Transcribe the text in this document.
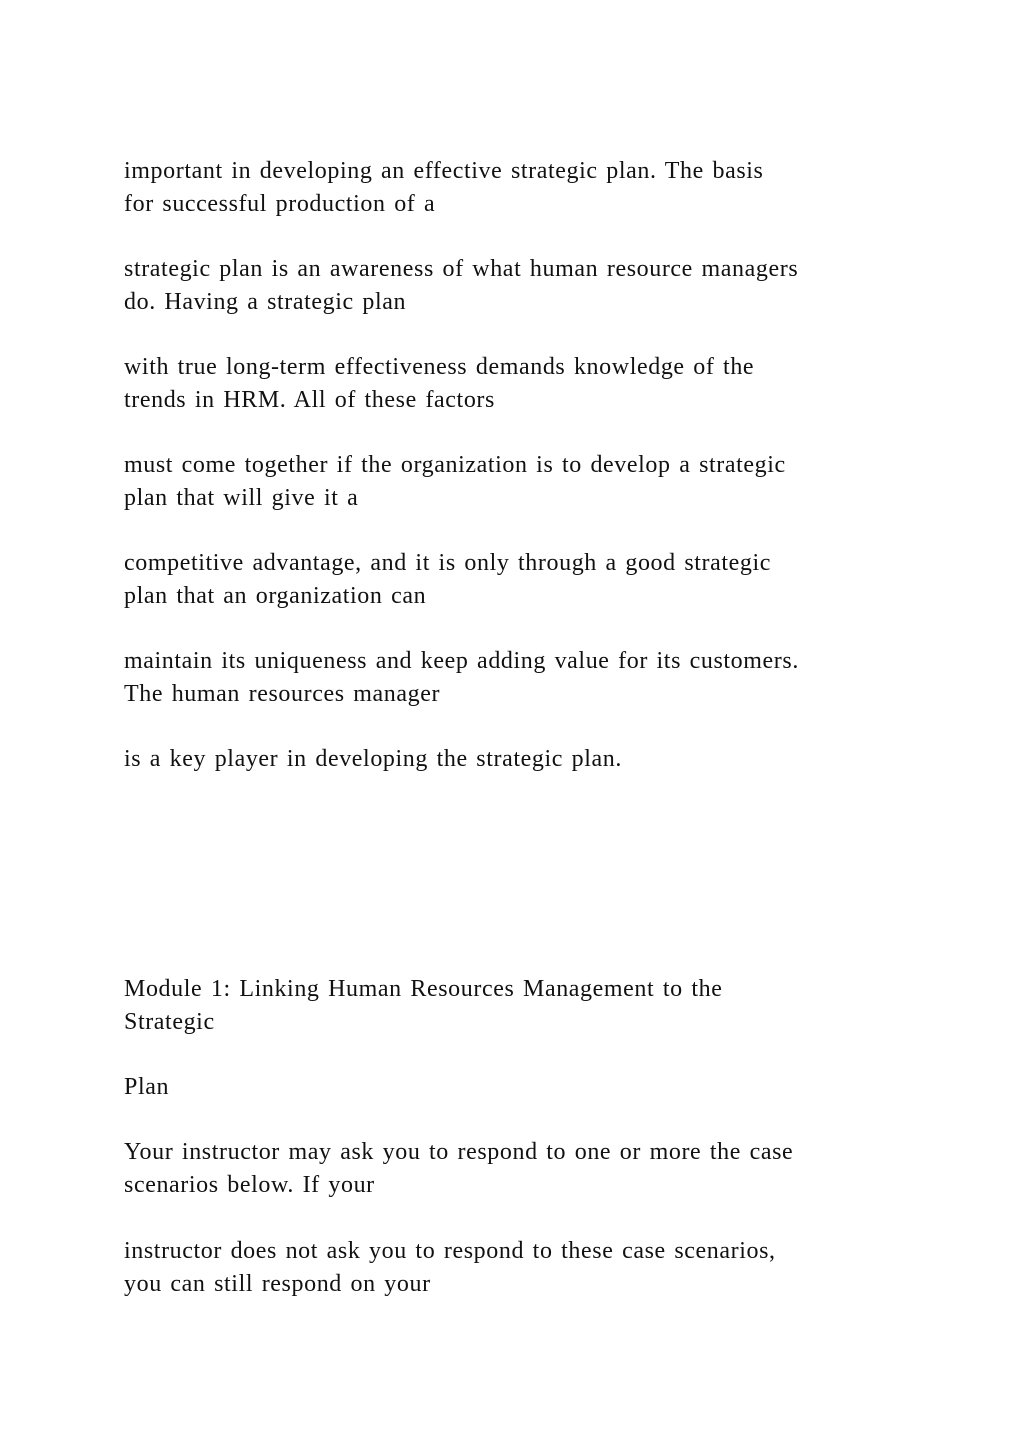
important in developing an effective strategic plan. The basis
for successful production of a
strategic plan is an awareness of what human resource managers
do. Having a strategic plan
with true long-term effectiveness demands knowledge of the
trends in HRM. All of these factors
must come together if the organization is to develop a strategic
plan that will give it a
competitive advantage, and it is only through a good strategic
plan that an organization can
maintain its uniqueness and keep adding value for its customers.
The human resources manager
is a key player in developing the strategic plan.
Module 1: Linking Human Resources Management to the
Strategic
Plan
Your instructor may ask you to respond to one or more the case
scenarios below. If your
instructor does not ask you to respond to these case scenarios,
you can still respond on your
